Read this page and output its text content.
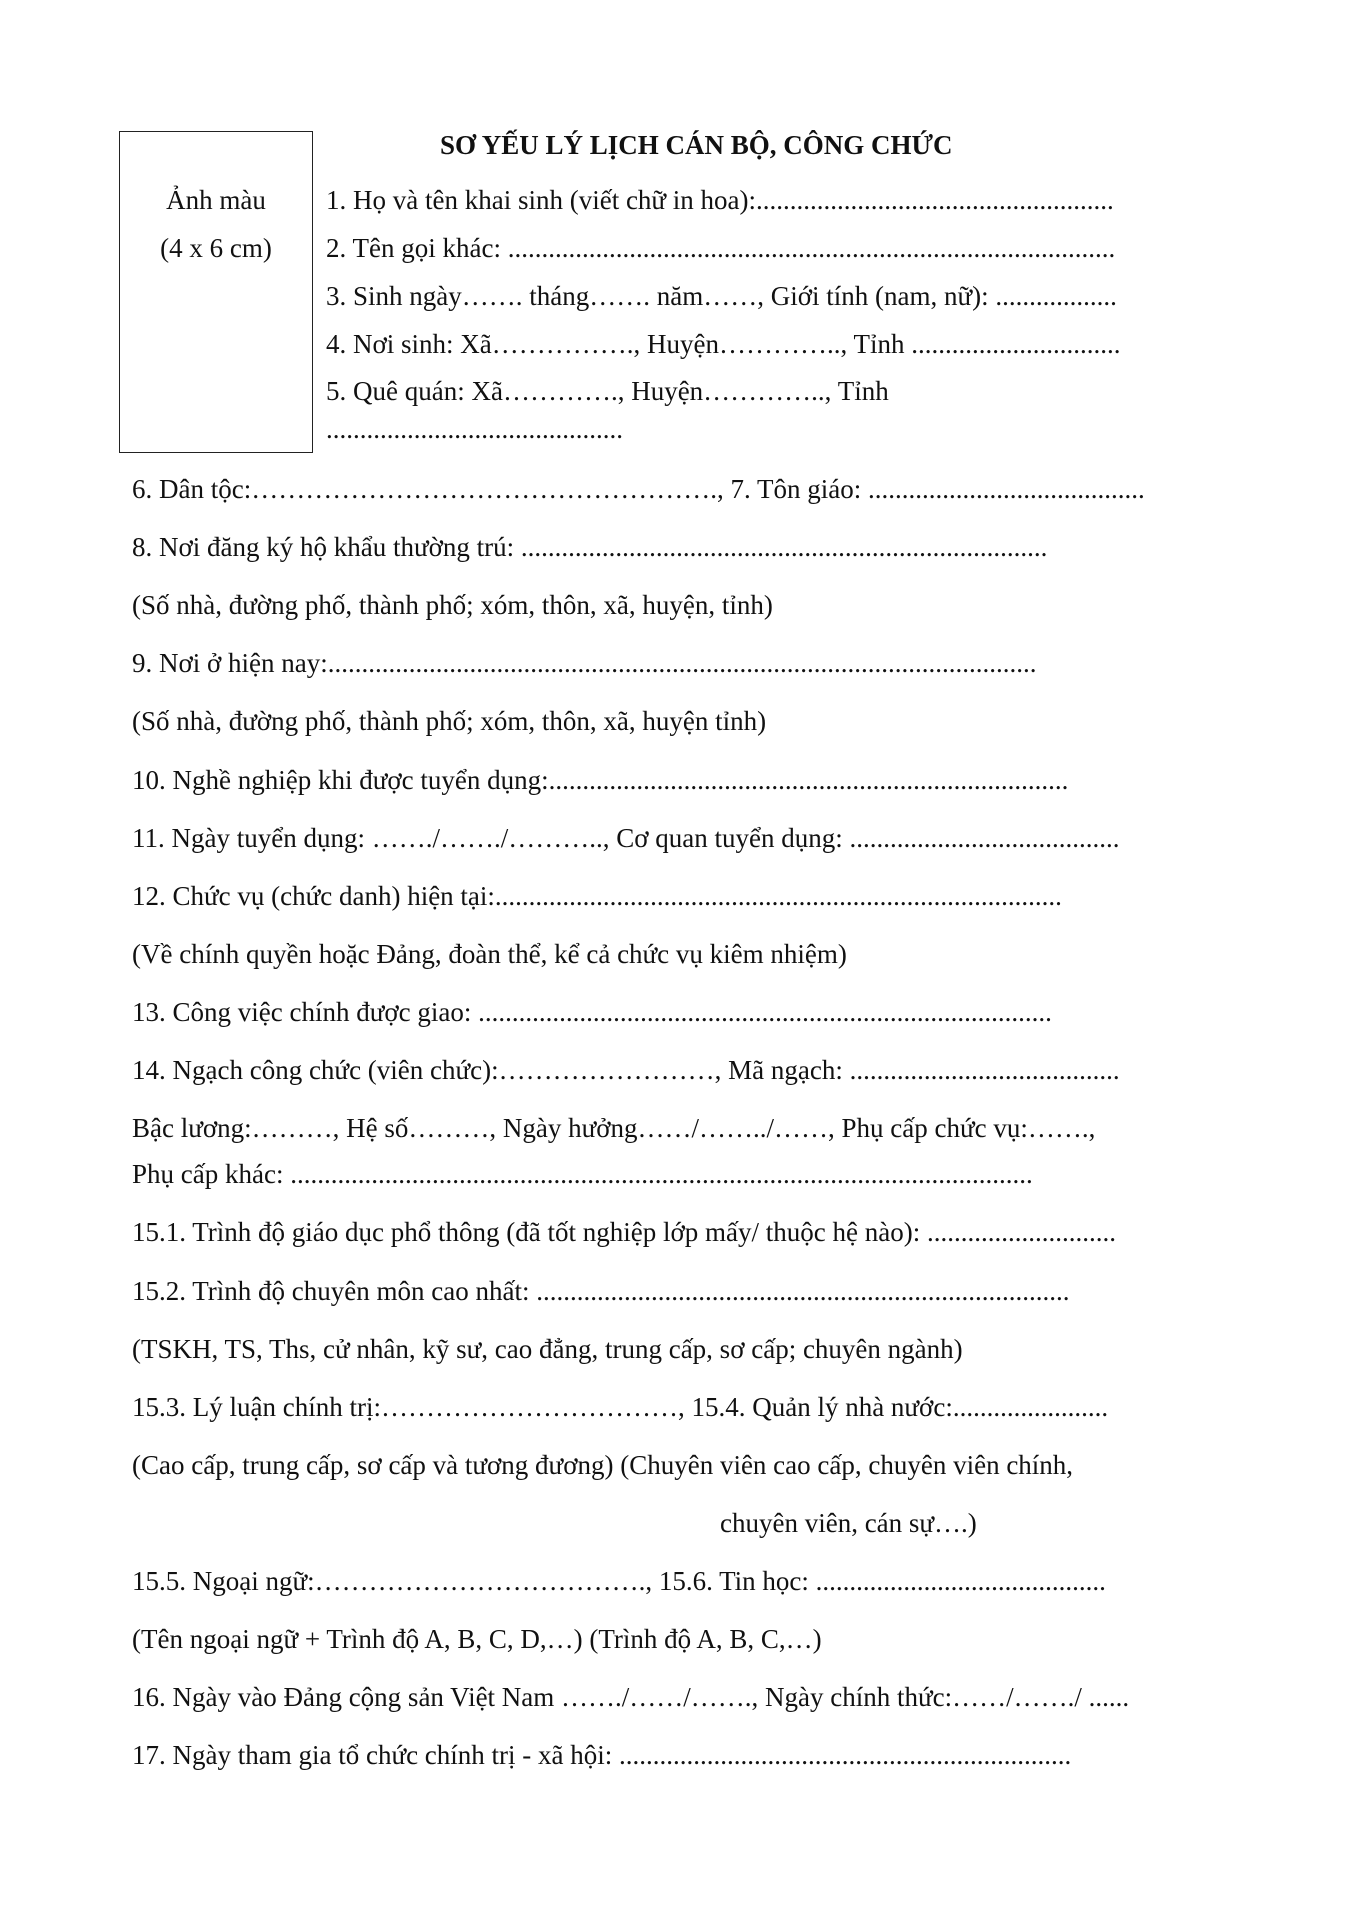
Ảnh màu
(4 x 6 cm)
SƠ YẾU LÝ LỊCH CÁN BỘ, CÔNG CHỨC
1. Họ và tên khai sinh (viết chữ in hoa):.....................................................
2. Tên gọi khác: ..........................................................................................
3. Sinh ngày……. tháng……. năm……, Giới tính (nam, nữ): ..................
4. Nơi sinh: Xã……………., Huyện………….., Tỉnh ...............................
5. Quê quán: Xã…………., Huyện………….., Tỉnh
............................................
6. Dân tộc:……………………………………………., 7. Tôn giáo: .........................................
8. Nơi đăng ký hộ khẩu thường trú: ..............................................................................
(Số nhà, đường phố, thành phố; xóm, thôn, xã, huyện, tỉnh)
9. Nơi ở hiện nay:.........................................................................................................
(Số nhà, đường phố, thành phố; xóm, thôn, xã, huyện tỉnh)
10. Nghề nghiệp khi được tuyển dụng:.............................................................................
11. Ngày tuyển dụng: ……./……./……….., Cơ quan tuyển dụng: ........................................
12. Chức vụ (chức danh) hiện tại:....................................................................................
(Về chính quyền hoặc Đảng, đoàn thể, kể cả chức vụ kiêm nhiệm)
13. Công việc chính được giao: .....................................................................................
14. Ngạch công chức (viên chức):……………………, Mã ngạch: ........................................
Bậc lương:………, Hệ số………, Ngày hưởng……/……../……, Phụ cấp chức vụ:…….,
Phụ cấp khác: ..............................................................................................................
15.1. Trình độ giáo dục phổ thông (đã tốt nghiệp lớp mấy/ thuộc hệ nào): ............................
15.2. Trình độ chuyên môn cao nhất: ...............................................................................
(TSKH, TS, Ths, cử nhân, kỹ sư, cao đẳng, trung cấp, sơ cấp; chuyên ngành)
15.3. Lý luận chính trị:……………………………, 15.4. Quản lý nhà nước:.......................
(Cao cấp, trung cấp, sơ cấp và tương đương) (Chuyên viên cao cấp, chuyên viên chính,
chuyên viên, cán sự….)
15.5. Ngoại ngữ:………………………………., 15.6. Tin học: ...........................................
(Tên ngoại ngữ + Trình độ A, B, C, D,…) (Trình độ A, B, C,…)
16. Ngày vào Đảng cộng sản Việt Nam ……./……/……., Ngày chính thức:……/……./ ......
17. Ngày tham gia tổ chức chính trị - xã hội: ...................................................................
